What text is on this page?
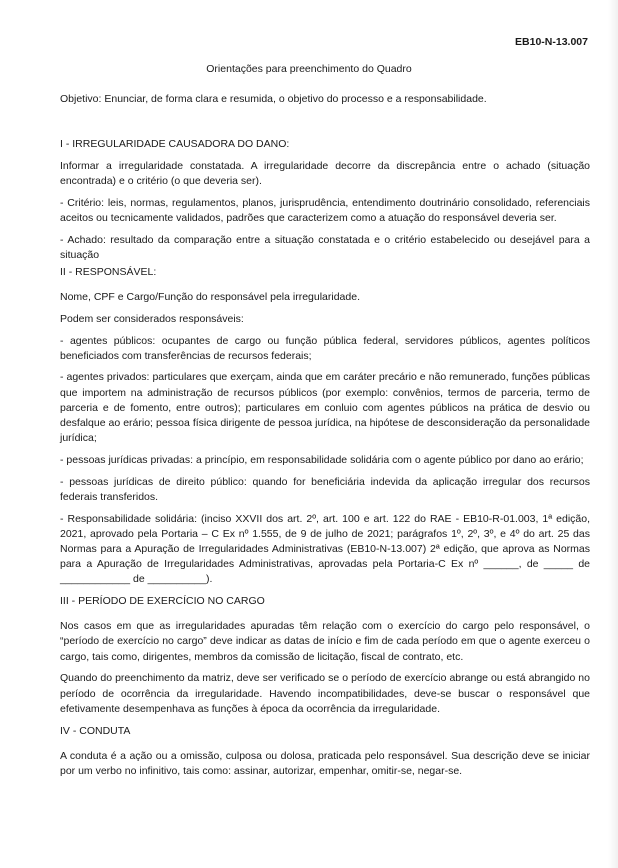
EB10-N-13.007
Orientações para preenchimento do Quadro
Objetivo: Enunciar, de forma clara e resumida, o objetivo do processo e a responsabilidade.
I - IRREGULARIDADE CAUSADORA DO DANO:

Informar a irregularidade constatada. A irregularidade decorre da discrepância entre o achado (situação encontrada) e o critério (o que deveria ser).

- Critério: leis, normas, regulamentos, planos, jurisprudência, entendimento doutrinário consolidado, referenciais aceitos ou tecnicamente validados, padrões que caracterizem como a atuação do responsável deveria ser.

- Achado: resultado da comparação entre a situação constatada e o critério estabelecido ou desejável para a situação

II - RESPONSÁVEL:

Nome, CPF e Cargo/Função do responsável pela irregularidade.

Podem ser considerados responsáveis:

- agentes públicos: ocupantes de cargo ou função pública federal, servidores públicos, agentes políticos beneficiados com transferências de recursos federais;

- agentes privados: particulares que exerçam, ainda que em caráter precário e não remunerado, funções públicas que importem na administração de recursos públicos (por exemplo: convênios, termos de parceria, termo de parceria e de fomento, entre outros); particulares em conluio com agentes públicos na prática de desvio ou desfalque ao erário; pessoa física dirigente de pessoa jurídica, na hipótese de desconsideração da personalidade jurídica;

- pessoas jurídicas privadas: a princípio, em responsabilidade solidária com o agente público por dano ao erário;

- pessoas jurídicas de direito público: quando for beneficiária indevida da aplicação irregular dos recursos federais transferidos.

- Responsabilidade solidária: (inciso XXVII dos art. 2º, art. 100 e art. 122 do RAE - EB10-R-01.003, 1ª edição, 2021, aprovado pela Portaria – C Ex nº 1.555, de 9 de julho de 2021; parágrafos 1º, 2º, 3º, e 4º do art. 25 das Normas para a Apuração de Irregularidades Administrativas (EB10-N-13.007) 2ª edição, que aprova as Normas para a Apuração de Irregularidades Administrativas, aprovadas pela Portaria-C Ex nº ______, de _____ de ____________ de __________).

III - PERÍODO DE EXERCÍCIO NO CARGO

Nos casos em que as irregularidades apuradas têm relação com o exercício do cargo pelo responsável, o “período de exercício no cargo” deve indicar as datas de início e fim de cada período em que o agente exerceu o cargo, tais como, dirigentes, membros da comissão de licitação, fiscal de contrato, etc.

Quando do preenchimento da matriz, deve ser verificado se o período de exercício abrange ou está abrangido no período de ocorrência da irregularidade. Havendo incompatibilidades, deve-se buscar o responsável que efetivamente desempenhava as funções à época da ocorrência da irregularidade.

IV - CONDUTA

A conduta é a ação ou a omissão, culposa ou dolosa, praticada pelo responsável. Sua descrição deve se iniciar por um verbo no infinitivo, tais como: assinar, autorizar, empenhar, omitir-se, negar-se.
